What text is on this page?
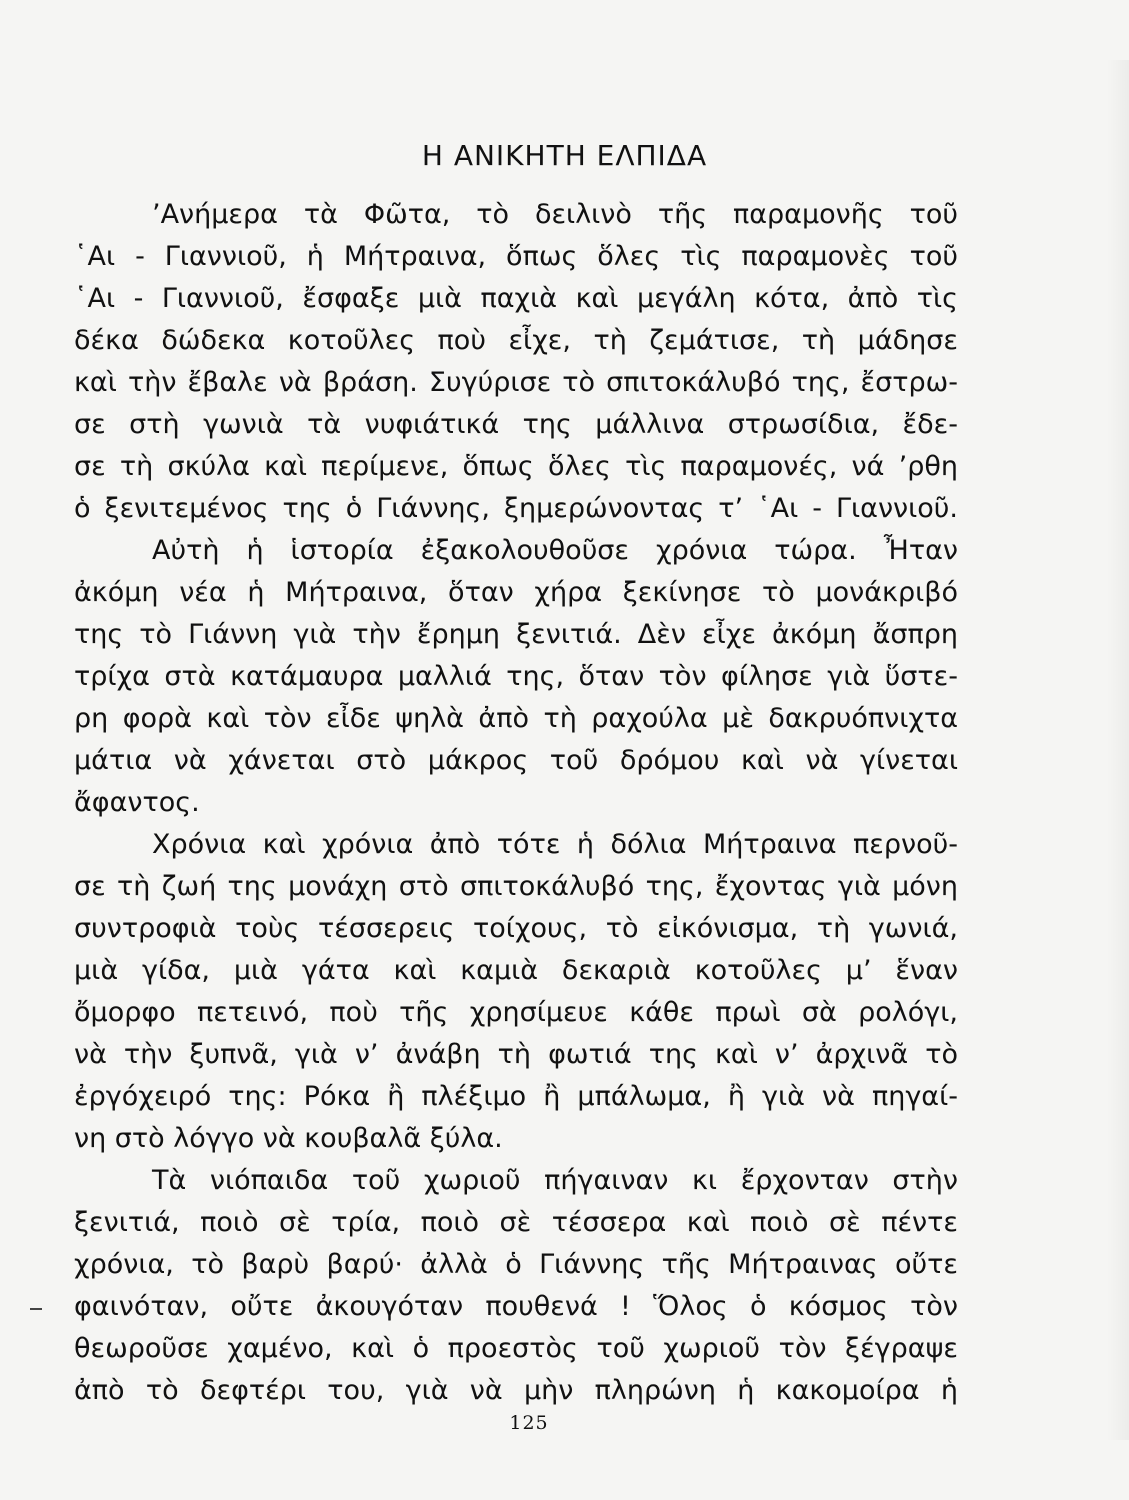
Η ΑΝΙΚΗΤΗ ΕΛΠΙΔΑ
’Ανήμερα τὰ Φῶτα, τὸ δειλινὸ τῆς παραμονῆς τοῦ
῾Αι - Γιαννιοῦ, ἡ Μήτραινα, ὅπως ὅλες τὶς παραμονὲς τοῦ
῾Αι - Γιαννιοῦ, ἔσφαξε μιὰ παχιὰ καὶ μεγάλη κότα, ἀπὸ τὶς
δέκα δώδεκα κοτοῦλες ποὺ εἶχε, τὴ ζεμάτισε, τὴ μάδησε
καὶ τὴν ἔβαλε νὰ βράση. Συγύρισε τὸ σπιτοκάλυβό της, ἔστρω-
σε στὴ γωνιὰ τὰ νυφιάτικά της μάλλινα στρωσίδια, ἔδε-
σε τὴ σκύλα καὶ περίμενε, ὅπως ὅλες τὶς παραμονές, νά ’ρθη
ὁ ξενιτεμένος της ὁ Γιάννης, ξημερώνοντας τ’ ῾Αι - Γιαννιοῦ.
Αὐτὴ ἡ ἱστορία ἐξακολουθοῦσε χρόνια τώρα. Ἦταν
ἀκόμη νέα ἡ Μήτραινα, ὅταν χήρα ξεκίνησε τὸ μονάκριβό
της τὸ Γιάννη γιὰ τὴν ἔρημη ξενιτιά. Δὲν εἶχε ἀκόμη ἄσπρη
τρίχα στὰ κατάμαυρα μαλλιά της, ὅταν τὸν φίλησε γιὰ ὕστε-
ρη φορὰ καὶ τὸν εἶδε ψηλὰ ἀπὸ τὴ ραχούλα μὲ δακρυόπνιχτα
μάτια νὰ χάνεται στὸ μάκρος τοῦ δρόμου καὶ νὰ γίνεται
ἄφαντος.
Χρόνια καὶ χρόνια ἀπὸ τότε ἡ δόλια Μήτραινα περνοῦ-
σε τὴ ζωή της μονάχη στὸ σπιτοκάλυβό της, ἔχοντας γιὰ μόνη
συντροφιὰ τοὺς τέσσερεις τοίχους, τὸ εἰκόνισμα, τὴ γωνιά,
μιὰ γίδα, μιὰ γάτα καὶ καμιὰ δεκαριὰ κοτοῦλες μ’ ἕναν
ὄμορφο πετεινό, ποὺ τῆς χρησίμευε κάθε πρωὶ σὰ ρολόγι,
νὰ τὴν ξυπνᾶ, γιὰ ν’ ἀνάβη τὴ φωτιά της καὶ ν’ ἀρχινᾶ τὸ
ἐργόχειρό της: Ρόκα ἢ πλέξιμο ἢ μπάλωμα, ἢ γιὰ νὰ πηγαί-
νη στὸ λόγγο νὰ κουβαλᾶ ξύλα.
Τὰ νιόπαιδα τοῦ χωριοῦ πήγαιναν κι ἔρχονταν στὴν
ξενιτιά, ποιὸ σὲ τρία, ποιὸ σὲ τέσσερα καὶ ποιὸ σὲ πέντε
χρόνια, τὸ βαρὺ βαρύ· ἀλλὰ ὁ Γιάννης τῆς Μήτραινας οὔτε
φαινόταν, οὔτε ἀκουγόταν πουθενά ! Ὅλος ὁ κόσμος τὸν
θεωροῦσε χαμένο, καὶ ὁ προεστὸς τοῦ χωριοῦ τὸν ξέγραψε
ἀπὸ τὸ δεφτέρι του, γιὰ νὰ μὴν πληρώνη ἡ κακομοίρα ἡ
125
